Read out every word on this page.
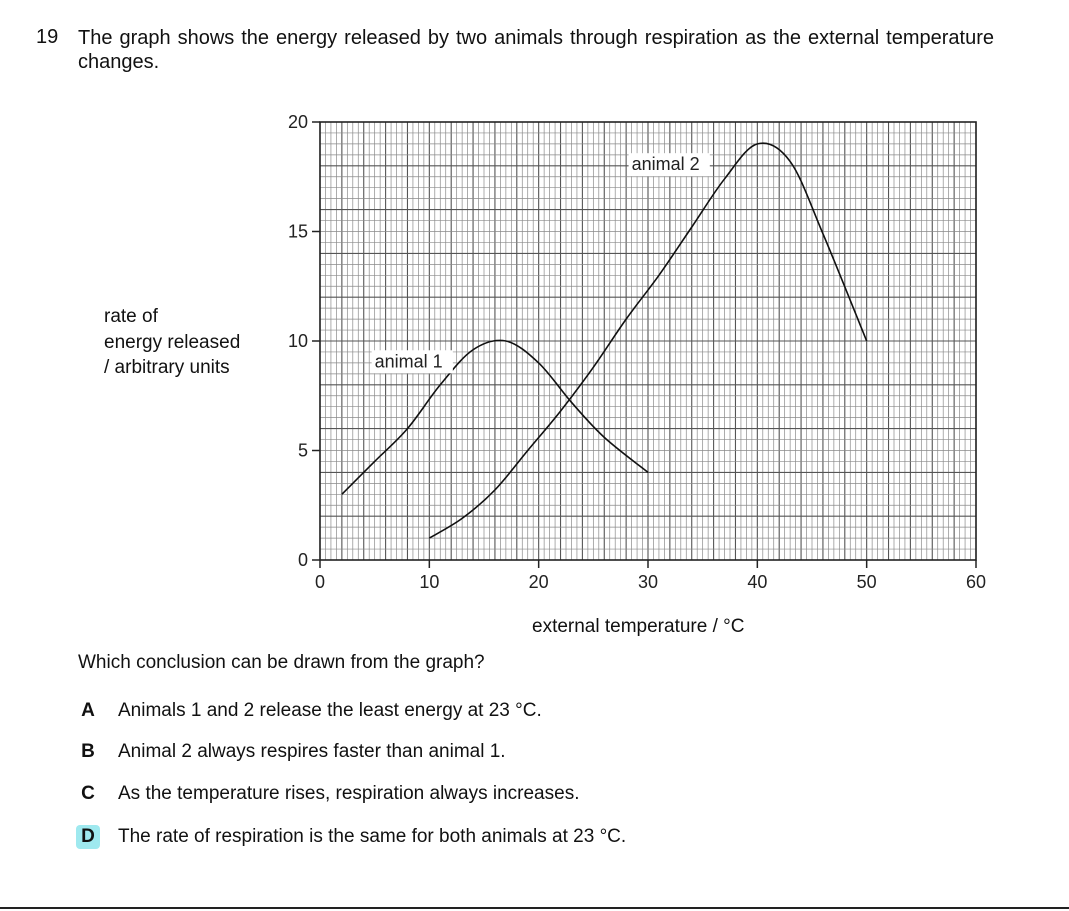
19 The graph shows the energy released by two animals through respiration as the external temperature changes.
rate of
energy released
/ arbitrary units
0
5
10
15
20
0	10	20	30	40	50	60
animal 1
animal 2
external temperature / °C
Which conclusion can be drawn from the graph?
A Animals 1 and 2 release the least energy at 23 °C.
B Animal 2 always respires faster than animal 1.
C As the temperature rises, respiration always increases.
D The rate of respiration is the same for both animals at 23 °C.
